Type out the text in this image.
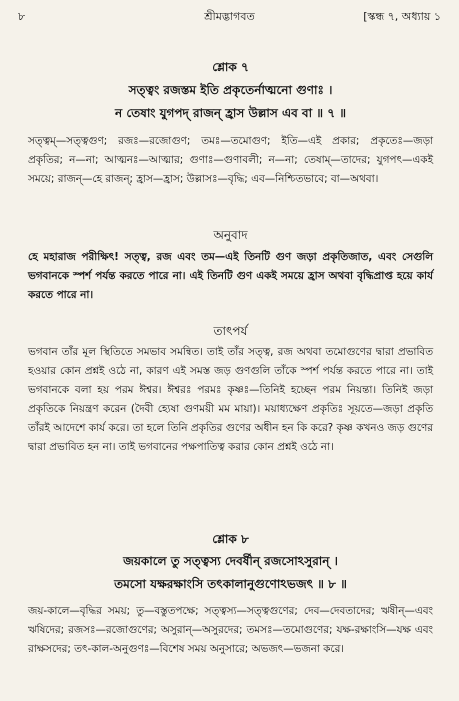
৮	শ্রীমদ্ভাগবত	[স্কন্ধ ৭, অধ্যায় ১
শ্লোক ৭
সত্ত্বং রজস্তম ইতি প্রকৃতের্নাত্মনো গুণাঃ ।
ন তেষাং যুগপদ্ রাজন্ হ্রাস উল্লাস এব বা ॥ ৭ ॥
সত্ত্বম্—সত্ত্বগুণ; রজঃ—রজোগুণ; তমঃ—তমোগুণ; ইতি—এই প্রকার; প্রকৃতেঃ—জড়া প্রকৃতির; ন—না; আত্মনঃ—আত্মার; গুণাঃ—গুণাবলী; ন—না; তেষাম্—তাদের; যুগপৎ—একই সময়ে; রাজন্—হে রাজন্; হ্রাস—হ্রাস; উল্লাসঃ—বৃদ্ধি; এব—নিশ্চিতভাবে; বা—অথবা।
অনুবাদ
হে মহারাজ পরীক্ষিৎ! সত্ত্ব, রজ এবং তম—এই তিনটি গুণ জড়া প্রকৃতিজাত, এবং সেগুলি ভগবানকে স্পর্শ পর্যন্ত করতে পারে না। এই তিনটি গুণ একই সময়ে হ্রাস অথবা বৃদ্ধিপ্রাপ্ত হয়ে কার্য করতে পারে না।
তাৎপর্য
ভগবান তাঁর মূল স্থিতিতে সমভাব সমন্বিত। তাই তাঁর সত্ত্ব, রজ অথবা তমোগুণের দ্বারা প্রভাবিত হওয়ার কোন প্রশ্নই ওঠে না, কারণ এই সমস্ত জড় গুণগুলি তাঁকে স্পর্শ পর্যন্ত করতে পারে না। তাই ভগবানকে বলা হয় পরম ঈশ্বর। ঈশ্বরঃ পরমঃ কৃষ্ণঃ—তিনিই হচ্ছেন পরম নিয়ন্তা। তিনিই জড়া প্রকৃতিকে নিয়ন্ত্রণ করেন (দৈবী হ্যেষা গুণময়ী মম মায়া)। ময়াধ্যক্ষেণ প্রকৃতিঃ সূয়তে—জড়া প্রকৃতি তাঁরই আদেশে কার্য করে। তা হলে তিনি প্রকৃতির গুণের অধীন হন কি করে? কৃষ্ণ কখনও জড় গুণের দ্বারা প্রভাবিত হন না। তাই ভগবানের পক্ষপাতিত্ব করার কোন প্রশ্নই ওঠে না।
শ্লোক ৮
জয়কালে তু সত্ত্বস্য দেবর্ষীন্ রজসোঽসুরান্ ।
তমসো যক্ষরক্ষাংসি তৎকালানুগুণোঽভজৎ ॥ ৮ ॥
জয়-কালে—বৃদ্ধির সময়; তু—বস্তুতপক্ষে; সত্ত্বস্য—সত্ত্বগুণের; দেব—দেবতাদের; ঋষীন্—এবং ঋষিদের; রজসঃ—রজোগুণের; অসুরান্—অসুরদের; তমসঃ—তমোগুণের; যক্ষ-রক্ষাংসি—যক্ষ এবং রাক্ষসদের; তৎ-কাল-অনুগুণঃ—বিশেষ সময় অনুসারে; অভজৎ—ভজনা করে।
